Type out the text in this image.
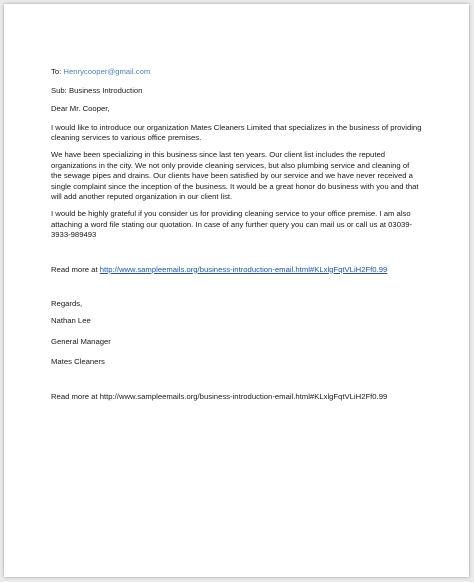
To: Henrycooper@gmail.com

Sub: Business Introduction

Dear Mr. Cooper,

I would like to introduce our organization Mates Cleaners Limited that specializes in the business of providing

cleaning services to various office premises.

We have been specializing in this business since last ten years. Our client list includes the reputed

organizations in the city. We not only provide cleaning services, but also plumbing service and cleaning of

the sewage pipes and drains. Our clients have been satisfied by our service and we have never received a

single complaint since the inception of the business. It would be a great honor do business with you and that

will add another reputed organization in our client list.

I would be highly grateful if you consider us for providing cleaning service to your office premise. I am also

attaching a word file stating our quotation. In case of any further query you can mail us or call us at 03039-

3933-989493

Read more at http://www.sampleemails.org/business-introduction-email.html#KLxlgFqtVLiH2Ff0.99

Regards,

Nathan Lee

General Manager

Mates Cleaners

Read more at http://www.sampleemails.org/business-introduction-email.html#KLxlgFqtVLiH2Ff0.99
